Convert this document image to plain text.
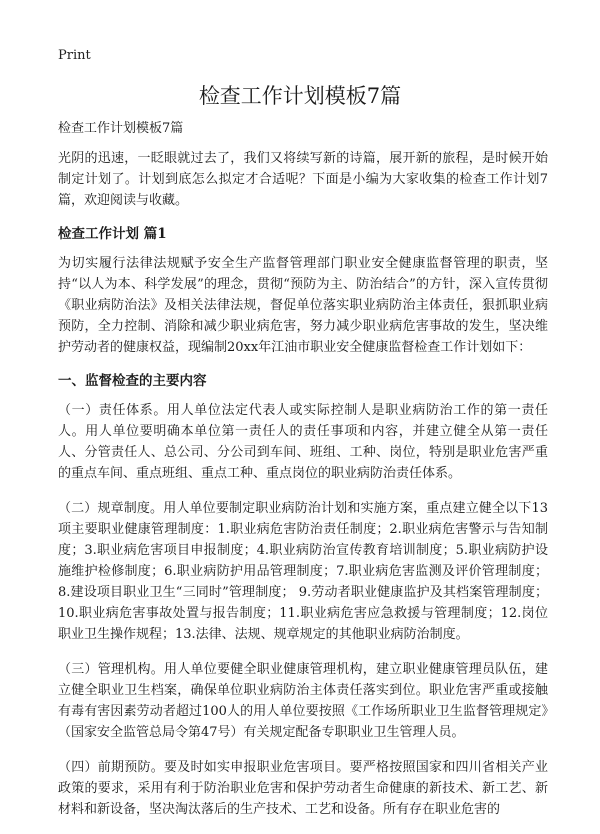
Print
检查工作计划模板7篇

检查工作计划模板7篇

光阴的迅速，一眨眼就过去了，我们又将续写新的诗篇，展开新的旅程，是时候开始制定计划了。计划到底怎么拟定才合适呢？下面是小编为大家收集的检查工作计划7篇，欢迎阅读与收藏。

检查工作计划 篇1

为切实履行法律法规赋予安全生产监督管理部门职业安全健康监督管理的职责，坚持“以人为本、科学发展”的理念，贯彻“预防为主、防治结合”的方针，深入宣传贯彻《职业病防治法》及相关法律法规，督促单位落实职业病防治主体责任，狠抓职业病预防，全力控制、消除和减少职业病危害，努力减少职业病危害事故的发生，坚决维护劳动者的健康权益，现编制20xx年江油市职业安全健康监督检查工作计划如下：

一、监督检查的主要内容

（一）责任体系。用人单位法定代表人或实际控制人是职业病防治工作的第一责任人。用人单位要明确本单位第一责任人的责任事项和内容，并建立健全从第一责任人、分管责任人、总公司、分公司到车间、班组、工种、岗位，特别是职业危害严重的重点车间、重点班组、重点工种、重点岗位的职业病防治责任体系。

（二）规章制度。用人单位要制定职业病防治计划和实施方案，重点建立健全以下13项主要职业健康管理制度：1.职业病危害防治责任制度；2.职业病危害警示与告知制度；3.职业病危害项目申报制度；4.职业病防治宣传教育培训制度；5.职业病防护设施维护检修制度；6.职业病防护用品管理制度；7.职业病危害监测及评价管理制度；8.建设项目职业卫生“三同时”管理制度； 9.劳动者职业健康监护及其档案管理制度；10.职业病危害事故处置与报告制度；11.职业病危害应急救援与管理制度；12.岗位职业卫生操作规程；13.法律、法规、规章规定的其他职业病防治制度。

（三）管理机构。用人单位要健全职业健康管理机构，建立职业健康管理员队伍，建立健全职业卫生档案，确保单位职业病防治主体责任落实到位。职业危害严重或接触有毒有害因素劳动者超过100人的用人单位要按照《工作场所职业卫生监督管理规定》（国家安全监管总局令第47号）有关规定配备专职职业卫生管理人员。

（四）前期预防。要及时如实申报职业危害项目。要严格按照国家和四川省相关产业政策的要求，采用有利于防治职业危害和保护劳动者生命健康的新技术、新工艺、新材料和新设备，坚决淘汰落后的生产技术、工艺和设备。所有存在职业危害的
